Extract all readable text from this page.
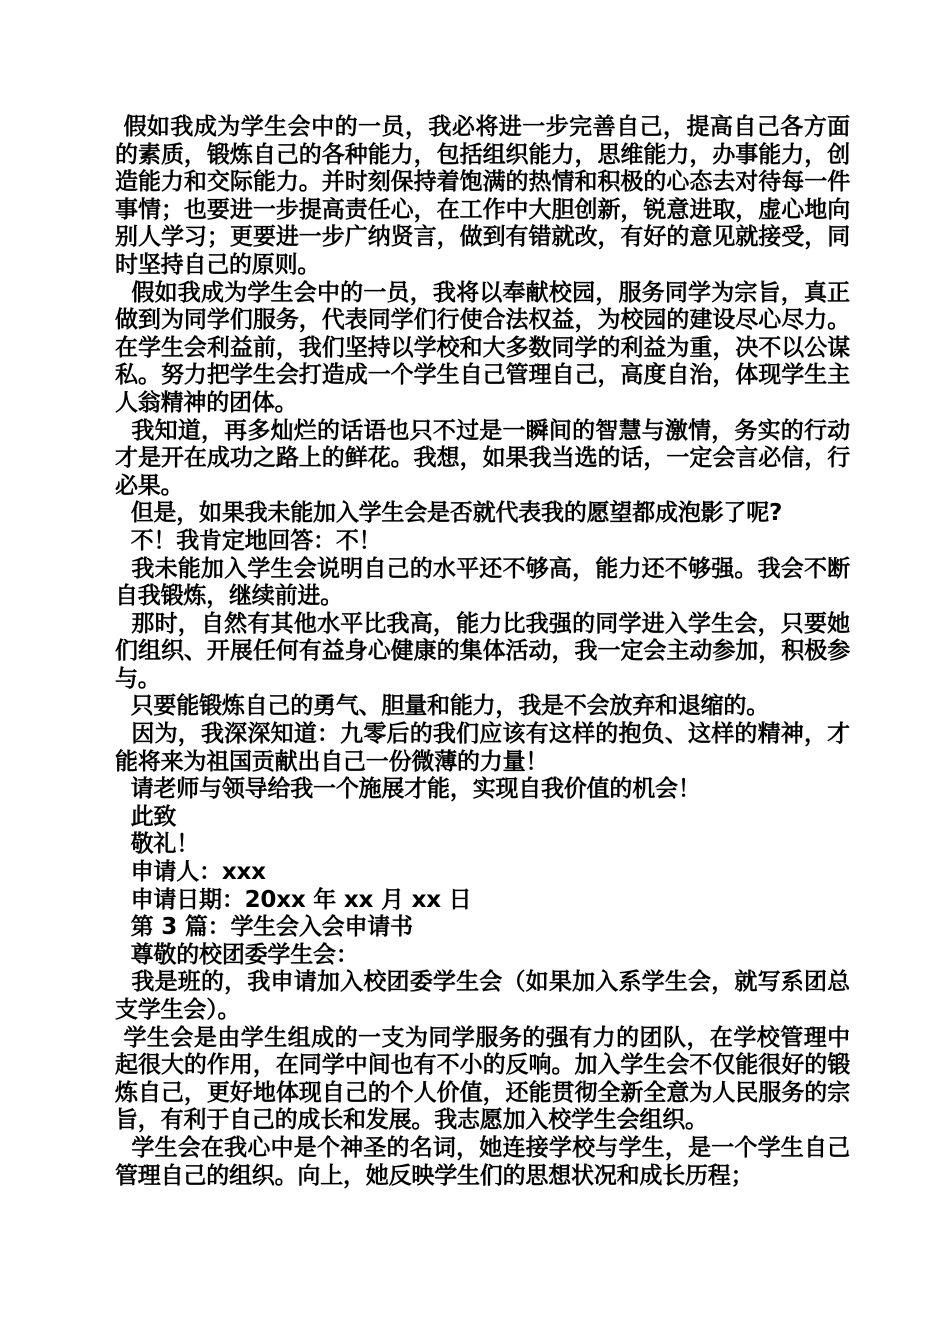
假如我成为学生会中的一员，我必将进一步完善自己，提高自己各方面的素质，锻炼自己的各种能力，包括组织能力，思维能力，办事能力，创造能力和交际能力。并时刻保持着饱满的热情和积极的心态去对待每一件事情；也要进一步提高责任心，在工作中大胆创新，锐意进取，虚心地向别人学习；更要进一步广纳贤言，做到有错就改，有好的意见就接受，同时坚持自己的原则。

假如我成为学生会中的一员，我将以奉献校园，服务同学为宗旨，真正做到为同学们服务，代表同学们行使合法权益，为校园的建设尽心尽力。在学生会利益前，我们坚持以学校和大多数同学的利益为重，决不以公谋私。努力把学生会打造成一个学生自己管理自己，高度自治，体现学生主人翁精神的团体。

我知道，再多灿烂的话语也只不过是一瞬间的智慧与激情，务实的行动才是开在成功之路上的鲜花。我想，如果我当选的话，一定会言必信，行必果。

但是，如果我未能加入学生会是否就代表我的愿望都成泡影了呢?

不！我肯定地回答：不！

我未能加入学生会说明自己的水平还不够高，能力还不够强。我会不断自我锻炼，继续前进。

那时，自然有其他水平比我高，能力比我强的同学进入学生会，只要她们组织、开展任何有益身心健康的集体活动，我一定会主动参加，积极参与。

只要能锻炼自己的勇气、胆量和能力，我是不会放弃和退缩的。

因为，我深深知道：九零后的我们应该有这样的抱负、这样的精神，才能将来为祖国贡献出自己一份微薄的力量！

请老师与领导给我一个施展才能，实现自我价值的机会！

此致

敬礼！

申请人：xxx

申请日期：20xx 年 xx 月 xx 日

第 3 篇：学生会入会申请书

尊敬的校团委学生会：

我是班的，我申请加入校团委学生会（如果加入系学生会，就写系团总支学生会）。

学生会是由学生组成的一支为同学服务的强有力的团队，在学校管理中起很大的作用，在同学中间也有不小的反响。加入学生会不仅能很好的锻炼自己，更好地体现自己的个人价值，还能贯彻全新全意为人民服务的宗旨，有利于自己的成长和发展。我志愿加入校学生会组织。

学生会在我心中是个神圣的名词，她连接学校与学生，是一个学生自己管理自己的组织。向上，她反映学生们的思想状况和成长历程；
